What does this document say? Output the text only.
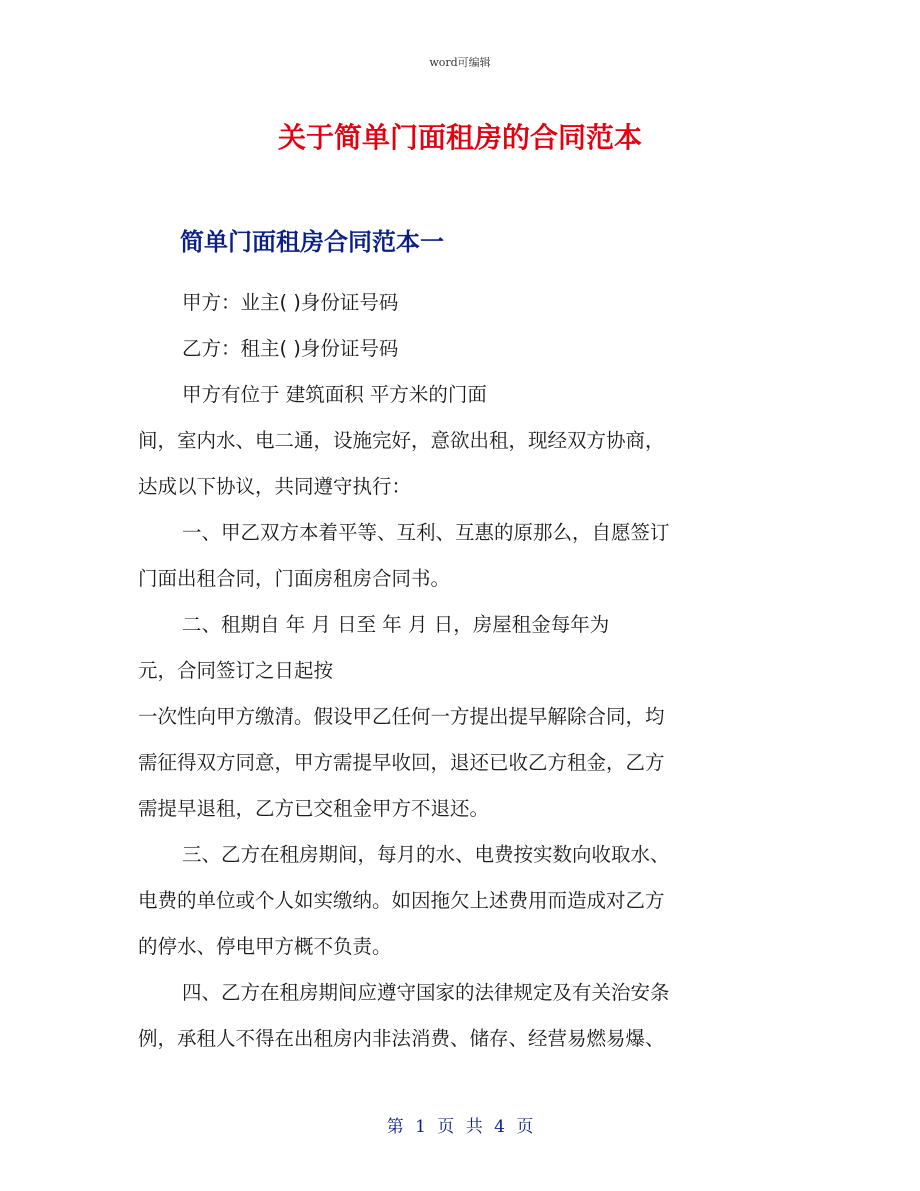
word可编辑
关于简单门面租房的合同范本
简单门面租房合同范本一
甲方：业主( )身份证号码
乙方：租主( )身份证号码
甲方有位于 建筑面积 平方米的门面
间，室内水、电二通，设施完好，意欲出租，现经双方协商，
达成以下协议，共同遵守执行：
一、甲乙双方本着平等、互利、互惠的原那么，自愿签订
门面出租合同，门面房租房合同书。
二、租期自 年 月 日至 年 月 日，房屋租金每年为
元，合同签订之日起按
一次性向甲方缴清。假设甲乙任何一方提出提早解除合同，均
需征得双方同意，甲方需提早收回，退还已收乙方租金，乙方
需提早退租，乙方已交租金甲方不退还。
三、乙方在租房期间，每月的水、电费按实数向收取水、
电费的单位或个人如实缴纳。如因拖欠上述费用而造成对乙方
的停水、停电甲方概不负责。
四、乙方在租房期间应遵守国家的法律规定及有关治安条
例，承租人不得在出租房内非法消费、储存、经营易燃易爆、
第 1 页 共 4 页
